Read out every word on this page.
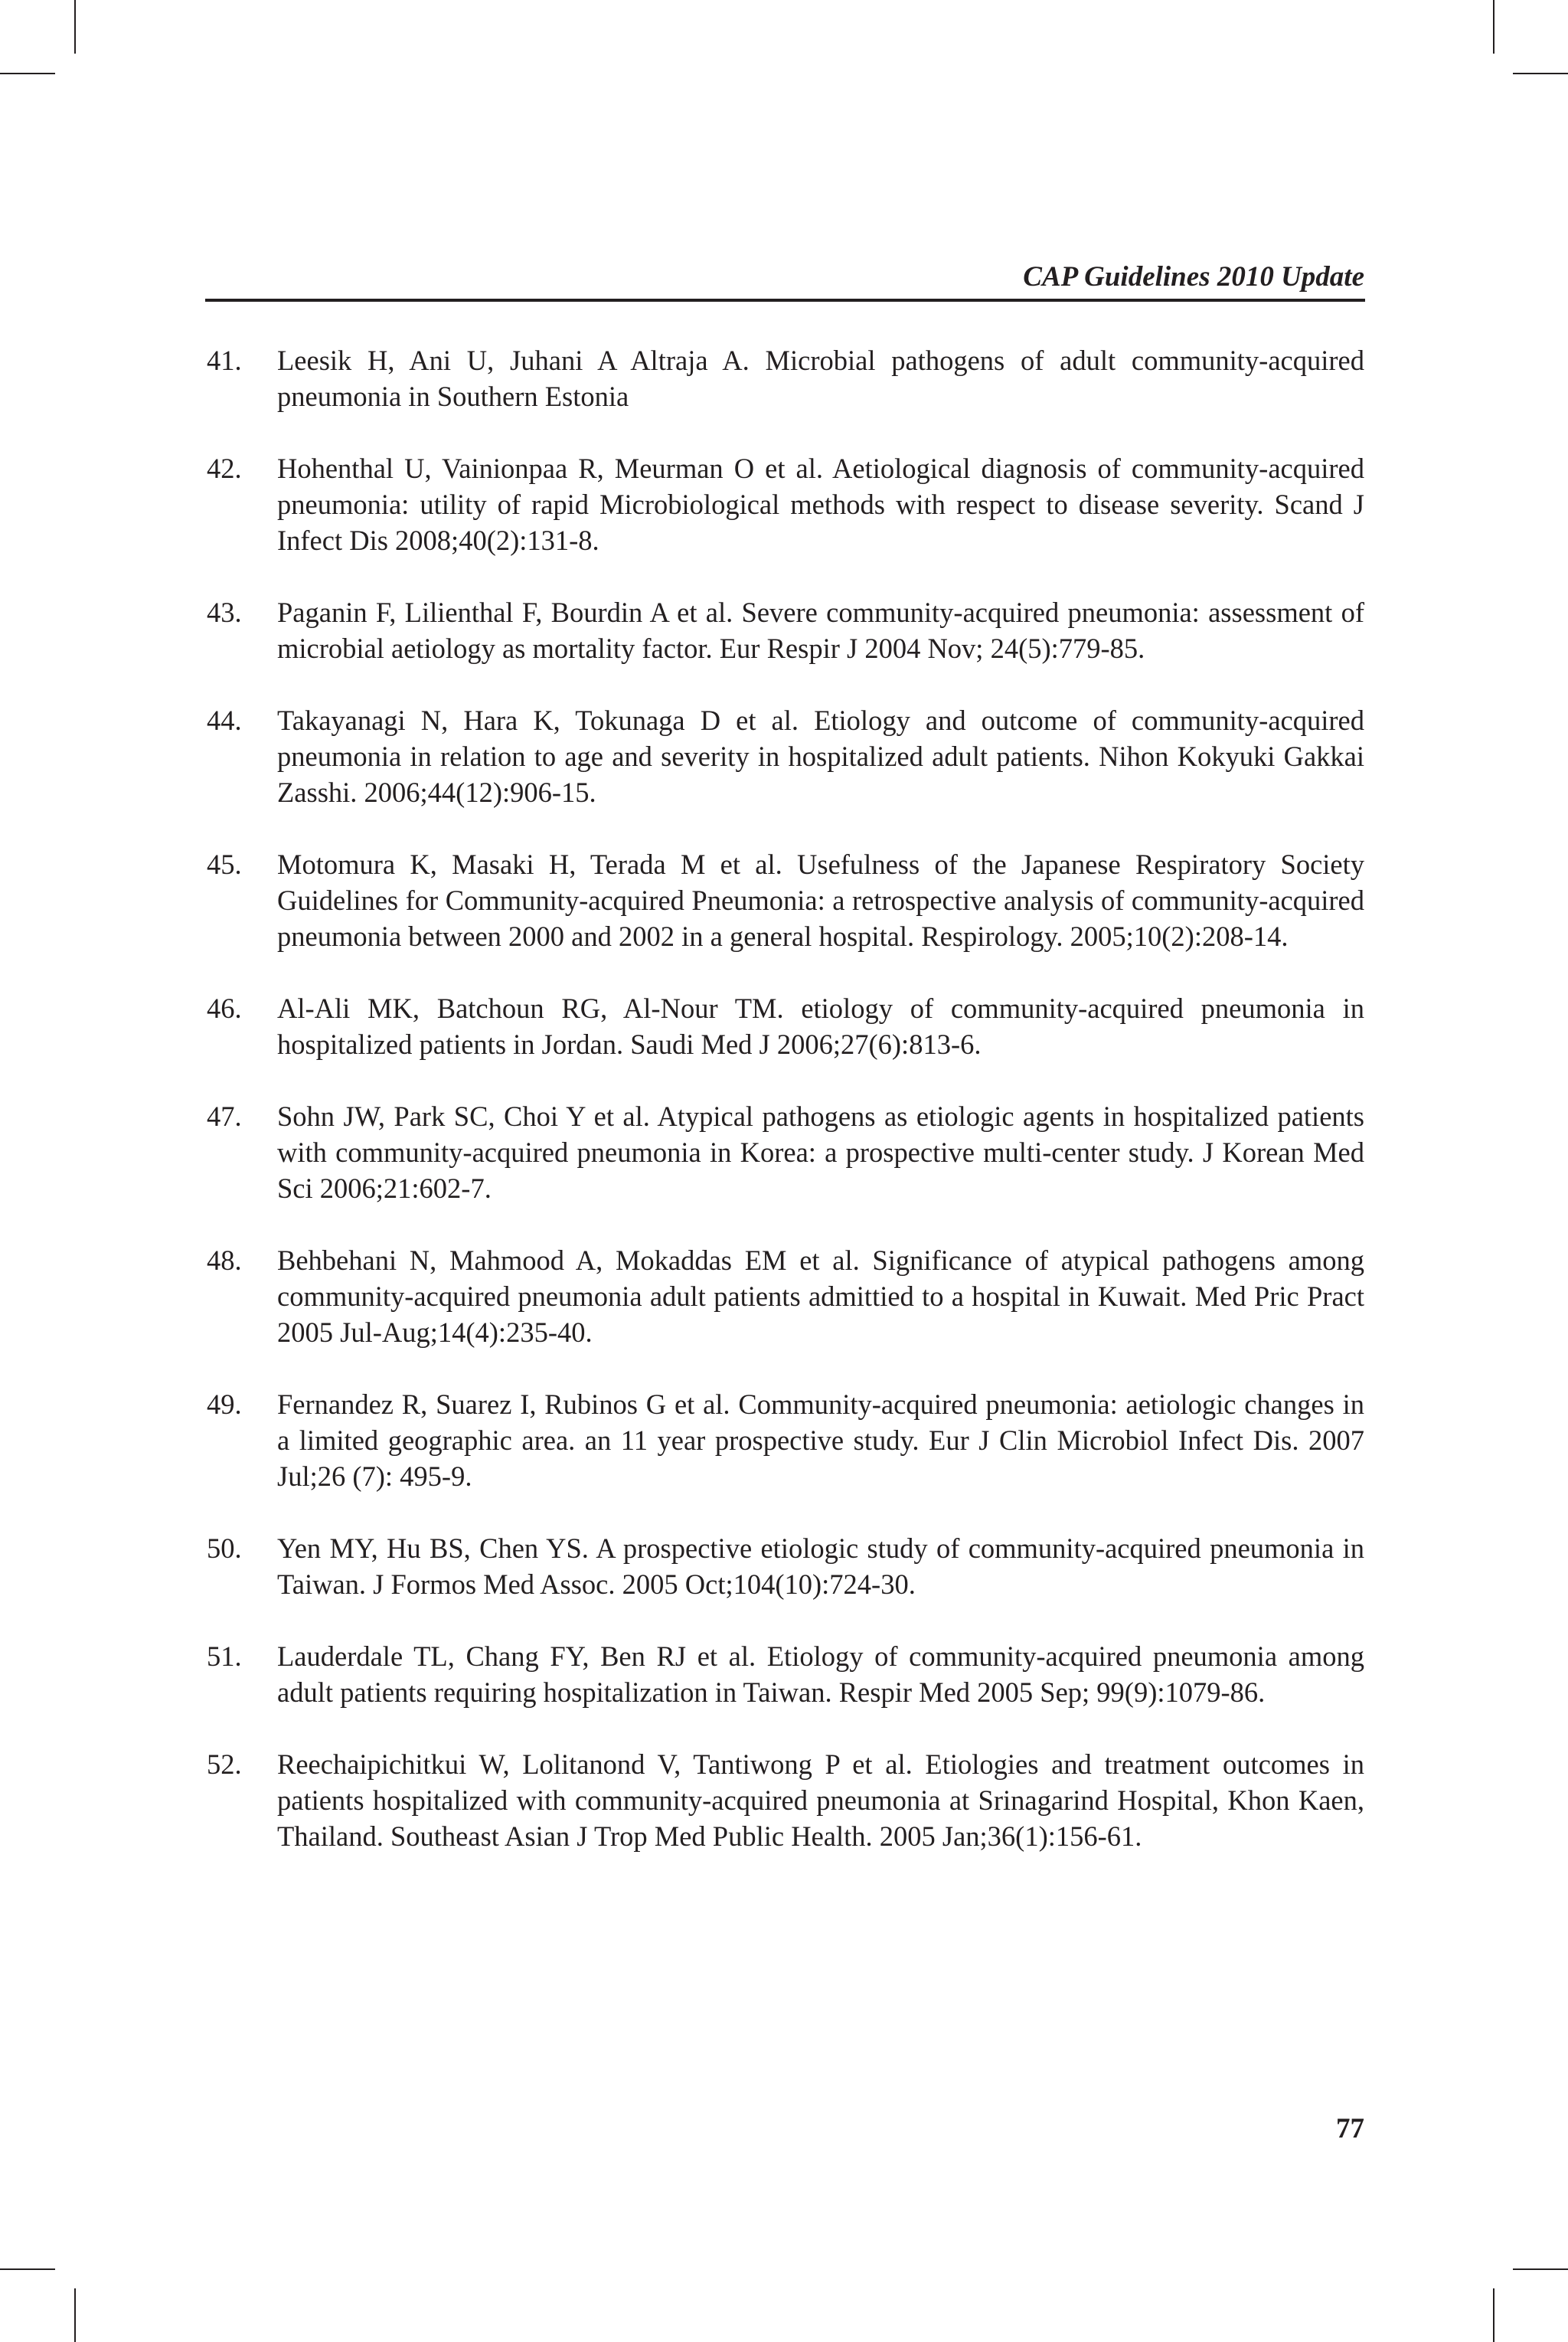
CAP Guidelines 2010 Update
41.	Leesik H, Ani U, Juhani A Altraja A. Microbial pathogens of adult community-acquired pneumonia in Southern Estonia
42.	Hohenthal U, Vainionpaa R, Meurman O et al. Aetiological diagnosis of community-acquired pneumonia: utility of rapid Microbiological methods with respect to disease severity. Scand J Infect Dis 2008;40(2):131-8.
43.	Paganin F, Lilienthal F, Bourdin A et al. Severe community-acquired pneumonia: assessment of microbial aetiology as mortality factor. Eur Respir J 2004 Nov; 24(5):779-85.
44.	Takayanagi N, Hara K, Tokunaga D et al. Etiology and outcome of community-acquired pneumonia in relation to age and severity in hospitalized adult patients. Nihon Kokyuki Gakkai Zasshi. 2006;44(12):906-15.
45.	Motomura K, Masaki H, Terada M et al. Usefulness of the Japanese Respiratory Society Guidelines for Community-acquired Pneumonia: a retrospective analysis of community-acquired pneumonia between 2000 and 2002 in a general hospital. Respirology. 2005;10(2):208-14.
46.	Al-Ali MK, Batchoun RG, Al-Nour TM. etiology of community-acquired pneumonia in hospitalized patients in Jordan. Saudi Med J 2006;27(6):813-6.
47.	Sohn JW, Park SC, Choi Y et al. Atypical pathogens as etiologic agents in hospitalized patients with community-acquired pneumonia in Korea: a prospective multi-center study. J Korean Med Sci 2006;21:602-7.
48.	Behbehani N, Mahmood A, Mokaddas EM et al. Significance of atypical pathogens among community-acquired pneumonia adult patients admittied to a hospital in Kuwait. Med Pric Pract 2005 Jul-Aug;14(4):235-40.
49.	Fernandez R, Suarez I, Rubinos G et al. Community-acquired pneumonia: aetiologic changes in a limited geographic area. an 11 year prospective study. Eur J Clin Microbiol Infect Dis. 2007 Jul;26 (7): 495-9.
50.	Yen MY, Hu BS, Chen YS. A prospective etiologic study of community-acquired pneumonia in Taiwan. J Formos Med Assoc. 2005 Oct;104(10):724-30.
51.	Lauderdale TL, Chang FY, Ben RJ et al. Etiology of community-acquired pneumonia among adult patients requiring hospitalization in Taiwan. Respir Med 2005 Sep; 99(9):1079-86.
52.	Reechaipichitkui W, Lolitanond V, Tantiwong P et al. Etiologies and treatment outcomes in patients hospitalized with community-acquired pneumonia at Srinagarind Hospital, Khon Kaen, Thailand. Southeast Asian J Trop Med Public Health. 2005 Jan;36(1):156-61.
77
